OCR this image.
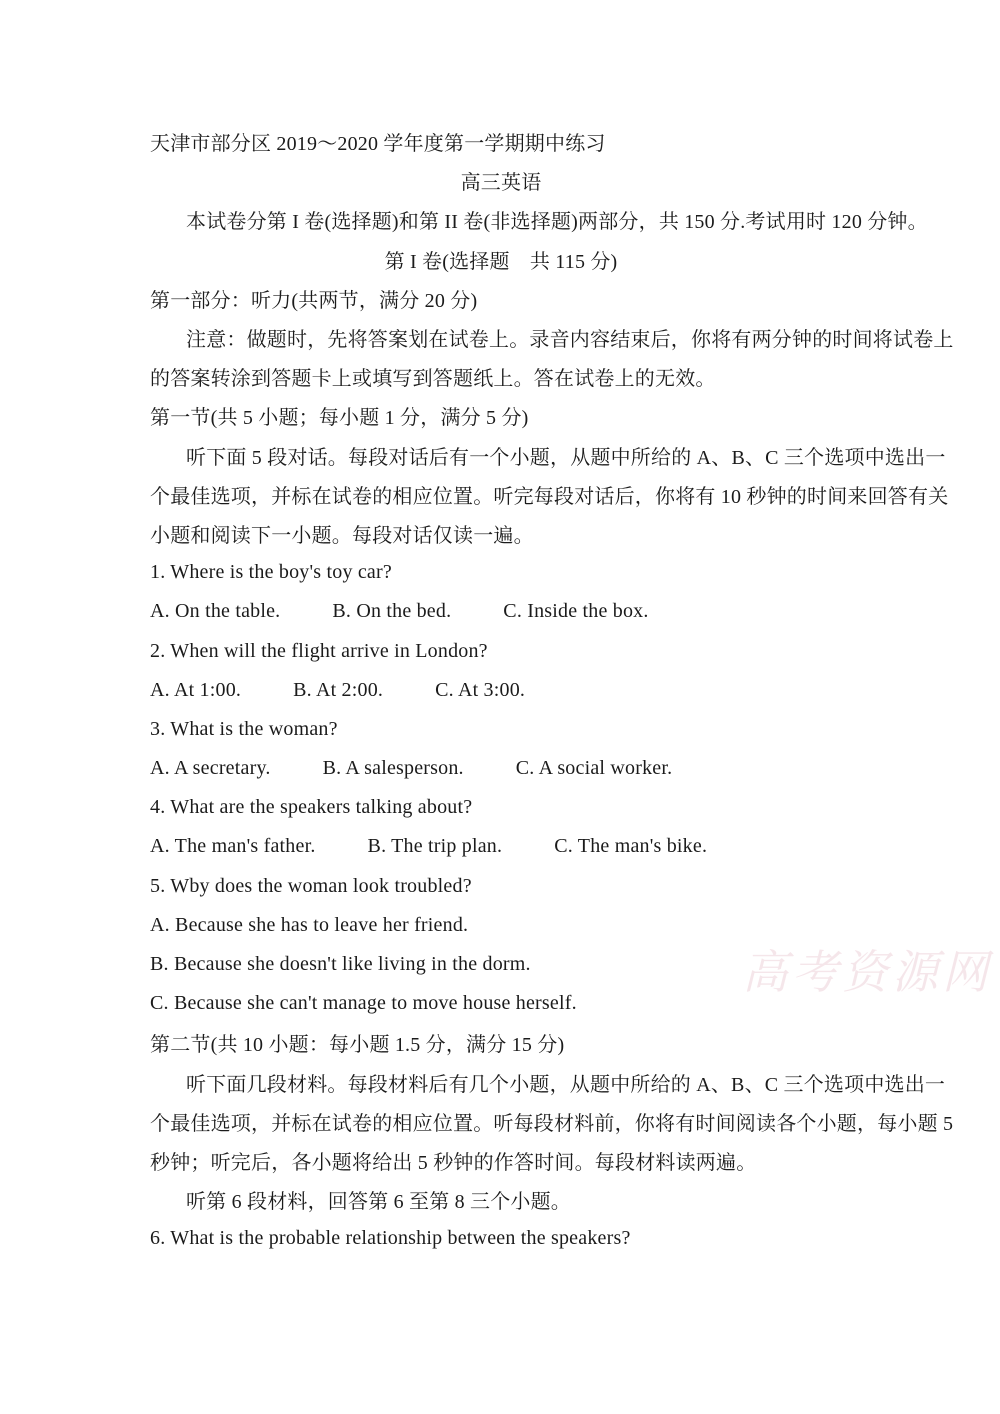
天津市部分区 2019～2020 学年度第一学期期中练习
高三英语
本试卷分第 I 卷(选择题)和第 II 卷(非选择题)两部分，共 150 分.考试用时 120 分钟。
第 I 卷(选择题　共 115 分)
第一部分：听力(共两节，满分 20 分)
注意：做题时，先将答案划在试卷上。录音内容结束后，你将有两分钟的时间将试卷上
的答案转涂到答题卡上或填写到答题纸上。答在试卷上的无效。
第一节(共 5 小题；每小题 1 分，满分 5 分)
听下面 5 段对话。每段对话后有一个小题，从题中所给的 A、B、C 三个选项中选出一
个最佳选项，并标在试卷的相应位置。听完每段对话后，你将有 10 秒钟的时间来回答有关
小题和阅读下一小题。每段对话仅读一遍。
1. Where is the boy's toy car?
A. On the table.	B. On the bed.	C. Inside the box.
2. When will the flight arrive in London?
A. At 1:00.	B. At 2:00.	C. At 3:00.
3. What is the woman?
A. A secretary.	B. A salesperson.	C. A social worker.
4. What are the speakers talking about?
A. The man's father.	B. The trip plan.	C. The man's bike.
5. Wby does the woman look troubled?
A. Because she has to leave her friend.
B. Because she doesn't like living in the dorm.
C. Because she can't manage to move house herself.
第二节(共 10 小题：每小题 1.5 分，满分 15 分)
听下面几段材料。每段材料后有几个小题，从题中所给的 A、B、C 三个选项中选出一
个最佳选项，并标在试卷的相应位置。听每段材料前，你将有时间阅读各个小题，每小题 5
秒钟；听完后，各小题将给出 5 秒钟的作答时间。每段材料读两遍。
听第 6 段材料，回答第 6 至第 8 三个小题。
6. What is the probable relationship between the speakers?
高考资源网
